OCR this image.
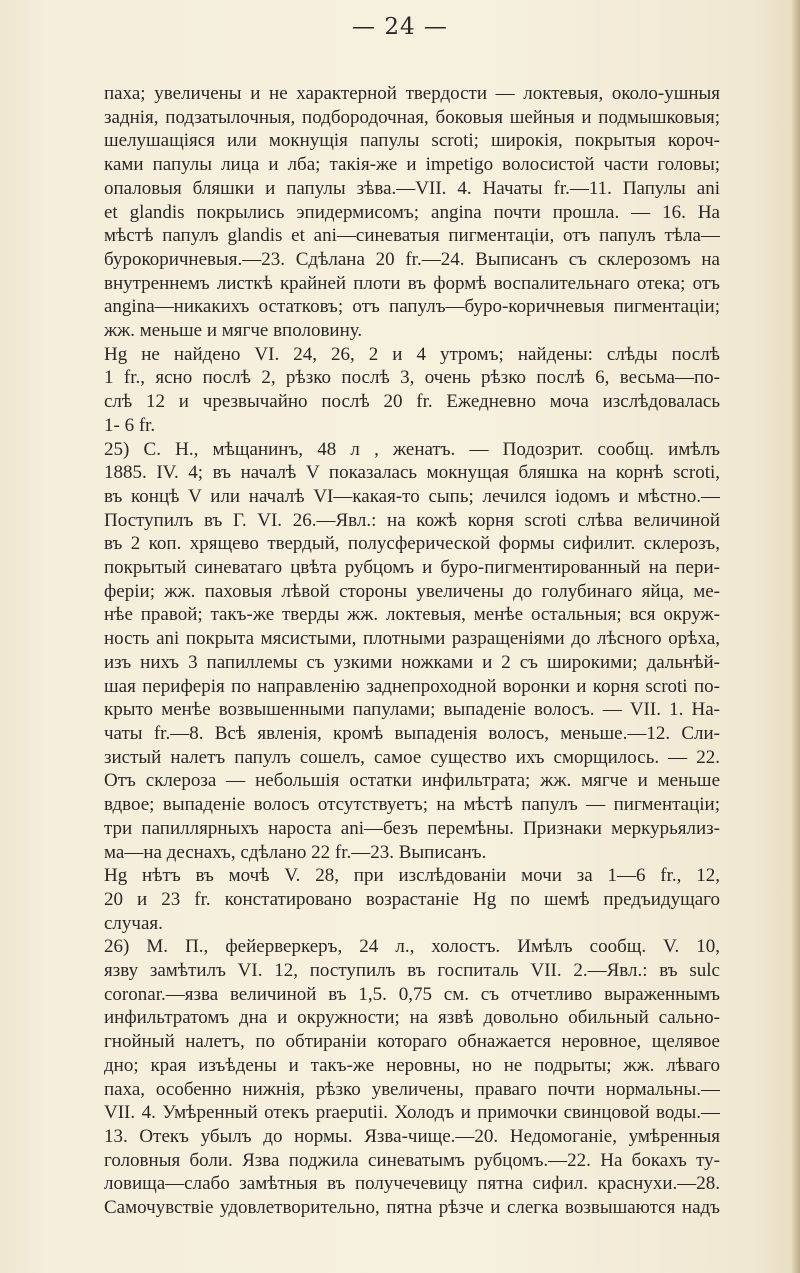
— 24 —
паха; увеличены и не характерной твердости — локтевыя, около-ушныя
заднія, подзатылочныя, подбородочная, боковыя шейныя и подмышковыя;
шелушащіяся или мокнущія папулы scroti; широкія, покрытыя короч-
ками папулы лица и лба; такія-же и impetigo волосистой части головы;
опаловыя бляшки и папулы зѣва.—VII. 4. Начаты fr.—11. Папулы ani
et glandis покрылись эпидермисомъ; angina почти прошла. — 16. На
мѣстѣ папулъ glandis et ani—синеватыя пигментаціи, отъ папулъ тѣла—
бурокоричневыя.—23. Сдѣлана 20 fr.—24. Выписанъ съ склерозомъ на
внутреннемъ листкѣ крайней плоти въ формѣ воспалительнаго отека; отъ
angina—никакихъ остатковъ; отъ папулъ—буро-коричневыя пигментаціи;
жж. меньше и мягче вполовину.
Hg не найдено VI. 24, 26, 2 и 4 утромъ; найдены: слѣды послѣ
1 fr., ясно послѣ 2, рѣзко послѣ 3, очень рѣзко послѣ 6, весьма—по-
слѣ 12 и чрезвычайно послѣ 20 fr. Ежедневно моча изслѣдовалась
1- 6 fr.
25) С. Н., мѣщанинъ, 48 л , женатъ. — Подозрит. сообщ. имѣлъ
1885. IV. 4; въ началѣ V показалась мокнущая бляшка на корнѣ scroti,
въ концѣ V или началѣ VI—какая-то сыпь; лечился іодомъ и мѣстно.—
Поступилъ въ Г. VI. 26.—Явл.: на кожѣ корня scroti слѣва величиной
въ 2 коп. хрящево твердый, полусферической формы сифилит. склерозъ,
покрытый синеватаго цвѣта рубцомъ и буро-пигментированный на пери-
феріи; жж. паховыя лѣвой стороны увеличены до голубинаго яйца, ме-
нѣе правой; такъ-же тверды жж. локтевыя, менѣе остальныя; вся окруж-
ность ani покрыта мясистыми, плотными разращеніями до лѣсного орѣха,
изъ нихъ 3 папиллемы съ узкими ножками и 2 съ широкими; дальнѣй-
шая периферія по направленію заднепроходной воронки и корня scroti по-
крыто менѣе возвышенными папулами; выпаденіе волосъ. — VII. 1. На-
чаты fr.—8. Всѣ явленія, кромѣ выпаденія волосъ, меньше.—12. Сли-
зистый налетъ папулъ сошелъ, самое существо ихъ сморщилось. — 22.
Отъ склероза — небольшія остатки инфильтрата; жж. мягче и меньше
вдвое; выпаденіе волосъ отсутствуетъ; на мѣстѣ папулъ — пигментаціи;
три папиллярныхъ нароста ani—безъ перемѣны. Признаки меркурьялиз-
ма—на деснахъ, сдѣлано 22 fr.—23. Выписанъ.
Hg нѣтъ въ мочѣ V. 28, при изслѣдованіи мочи за 1—6 fr., 12,
20 и 23 fr. констатировано возрастаніе Hg по шемѣ предъидущаго
случая.
26) М. П., фейерверкеръ, 24 л., холостъ. Имѣлъ сообщ. V. 10,
язву замѣтилъ VI. 12, поступилъ въ госпиталь VII. 2.—Явл.: въ sulc
coronar.—язва величиной въ 1,5. 0,75 см. съ отчетливо выраженнымъ
инфильтратомъ дна и окружности; на язвѣ довольно обильный сально-
гнойный налетъ, по обтираніи котораго обнажается неровное, щелявое
дно; края изъѣдены и такъ-же неровны, но не подрыты; жж. лѣваго
паха, особенно нижнія, рѣзко увеличены, праваго почти нормальны.—
VII. 4. Умѣренный отекъ praeputii. Холодъ и примочки свинцовой воды.—
13. Отекъ убылъ до нормы. Язва-чище.—20. Недомоганіе, умѣренныя
головныя боли. Язва поджила синеватымъ рубцомъ.—22. На бокахъ ту-
ловища—слабо замѣтныя въ получечевицу пятна сифил. краснухи.—28.
Самочувствіе удовлетворительно, пятна рѣзче и слегка возвышаются надъ
